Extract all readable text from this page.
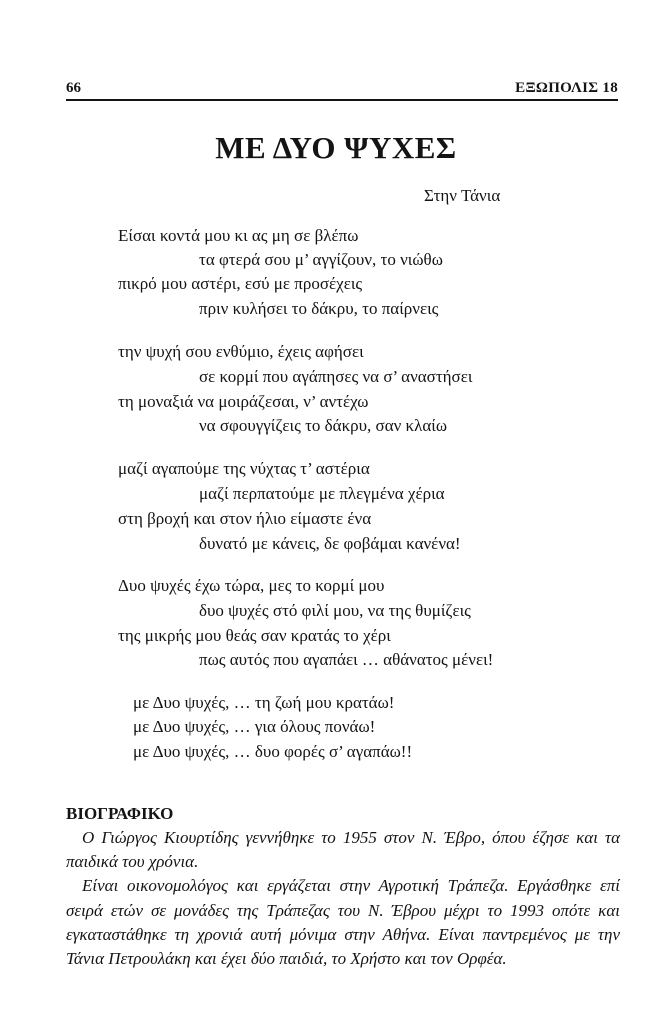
66	ΕΞΩΠΟΛΙΣ 18
ΜΕ ΔΥΟ ΨΥΧΕΣ
Στην Τάνια
Είσαι κοντά μου κι ας μη σε βλέπω
τα φτερά σου μ’ αγγίζουν, το νιώθω
πικρό μου αστέρι, εσύ με προσέχεις
πριν κυλήσει το δάκρυ, το παίρνεις
την ψυχή σου ενθύμιο, έχεις αφήσει
σε κορμί που αγάπησες να σ’ αναστήσει
τη μοναξιά να μοιράζεσαι, ν’ αντέχω
να σφουγγίζεις το δάκρυ, σαν κλαίω
μαζί αγαπούμε της νύχτας τ’ αστέρια
μαζί περπατούμε με πλεγμένα χέρια
στη βροχή και στον ήλιο είμαστε ένα
δυνατό με κάνεις, δε φοβάμαι κανένα!
Δυο ψυχές έχω τώρα, μες το κορμί μου
δυο ψυχές στό φιλί μου, να της θυμίζεις
της μικρής μου θεάς σαν κρατάς το χέρι
πως αυτός που αγαπάει … αθάνατος μένει!
με Δυο ψυχές, … τη ζωή μου κρατάω!
με Δυο ψυχές, … για όλους πονάω!
με Δυο ψυχές, … δυο φορές σ’ αγαπάω!!
ΒΙΟΓΡΑΦΙΚΟ

Ο Γιώργος Κιουρτίδης γεννήθηκε το 1955 στον Ν. Έβρο, όπου έζησε και τα παιδικά του χρόνια.

Είναι οικονομολόγος και εργάζεται στην Αγροτική Τράπεζα. Εργάσθηκε επί σειρά ετών σε μονάδες της Τράπεζας του Ν. Έβρου μέχρι το 1993 οπότε και εγκαταστάθηκε τη χρονιά αυτή μόνιμα στην Αθήνα. Είναι παντρεμένος με την Τάνια Πετρουλάκη και έχει δύο παιδιά, το Χρήστο και τον Ορφέα.
